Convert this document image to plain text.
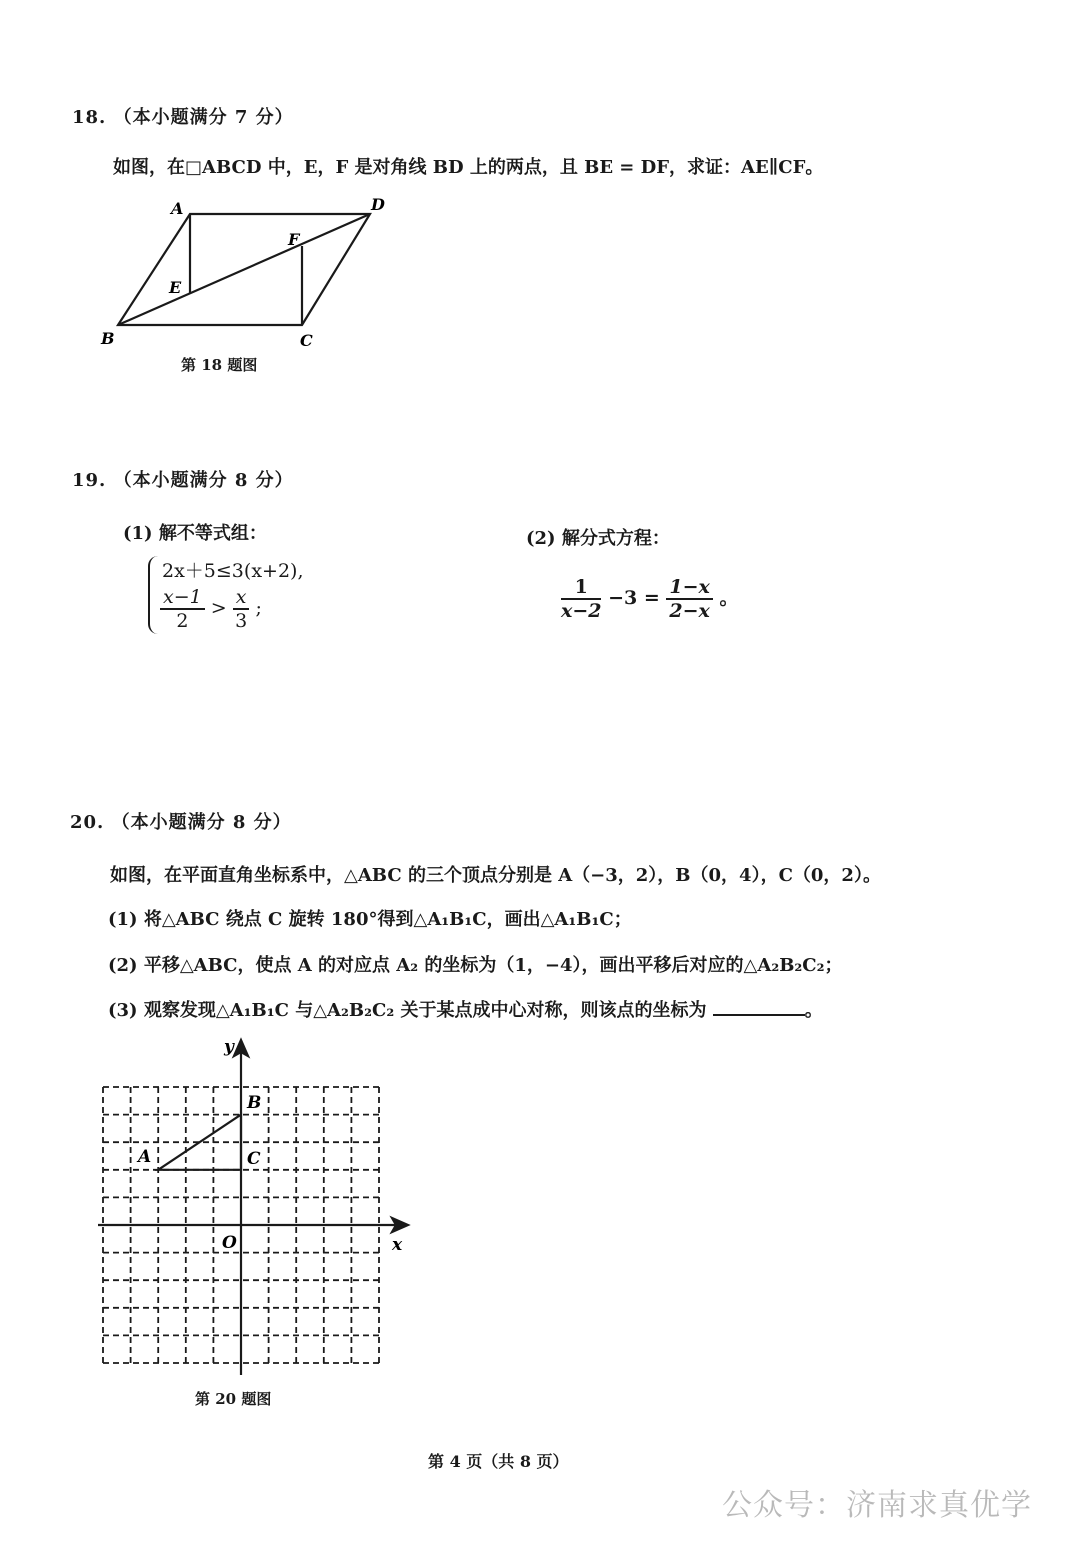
18. （本小题满分 7 分）
如图，在□ABCD 中，E，F 是对角线 BD 上的两点，且 BE = DF，求证：AE∥CF。
A
B	C
D
E
F
第 18 题图
19. （本小题满分 8 分）
(1) 解不等式组：
2x＋5≤3(x+2),
$\frac{x-1}{2} > \frac{x}{3}$ ;
(2) 解分式方程：
$\frac{1}{x-2} -3 = \frac{1-x}{2-x}$ 。
20. （本小题满分 8 分）
如图，在平面直角坐标系中，△ABC 的三个顶点分别是 A（−3，2），B（0，4），C（0，2）。
(1) 将△ABC 绕点 C 旋转 180°得到△A₁B₁C，画出△A₁B₁C；
(2) 平移△ABC，使点 A 的对应点 A₂ 的坐标为（1，−4），画出平移后对应的△A₂B₂C₂；
(3) 观察发现△A₁B₁C 与△A₂B₂C₂ 关于某点成中心对称，则该点的坐标为	。
x
y
O
A
B
C
第 20 题图
第 4 页（共 8 页）
公众号：济南求真优学
